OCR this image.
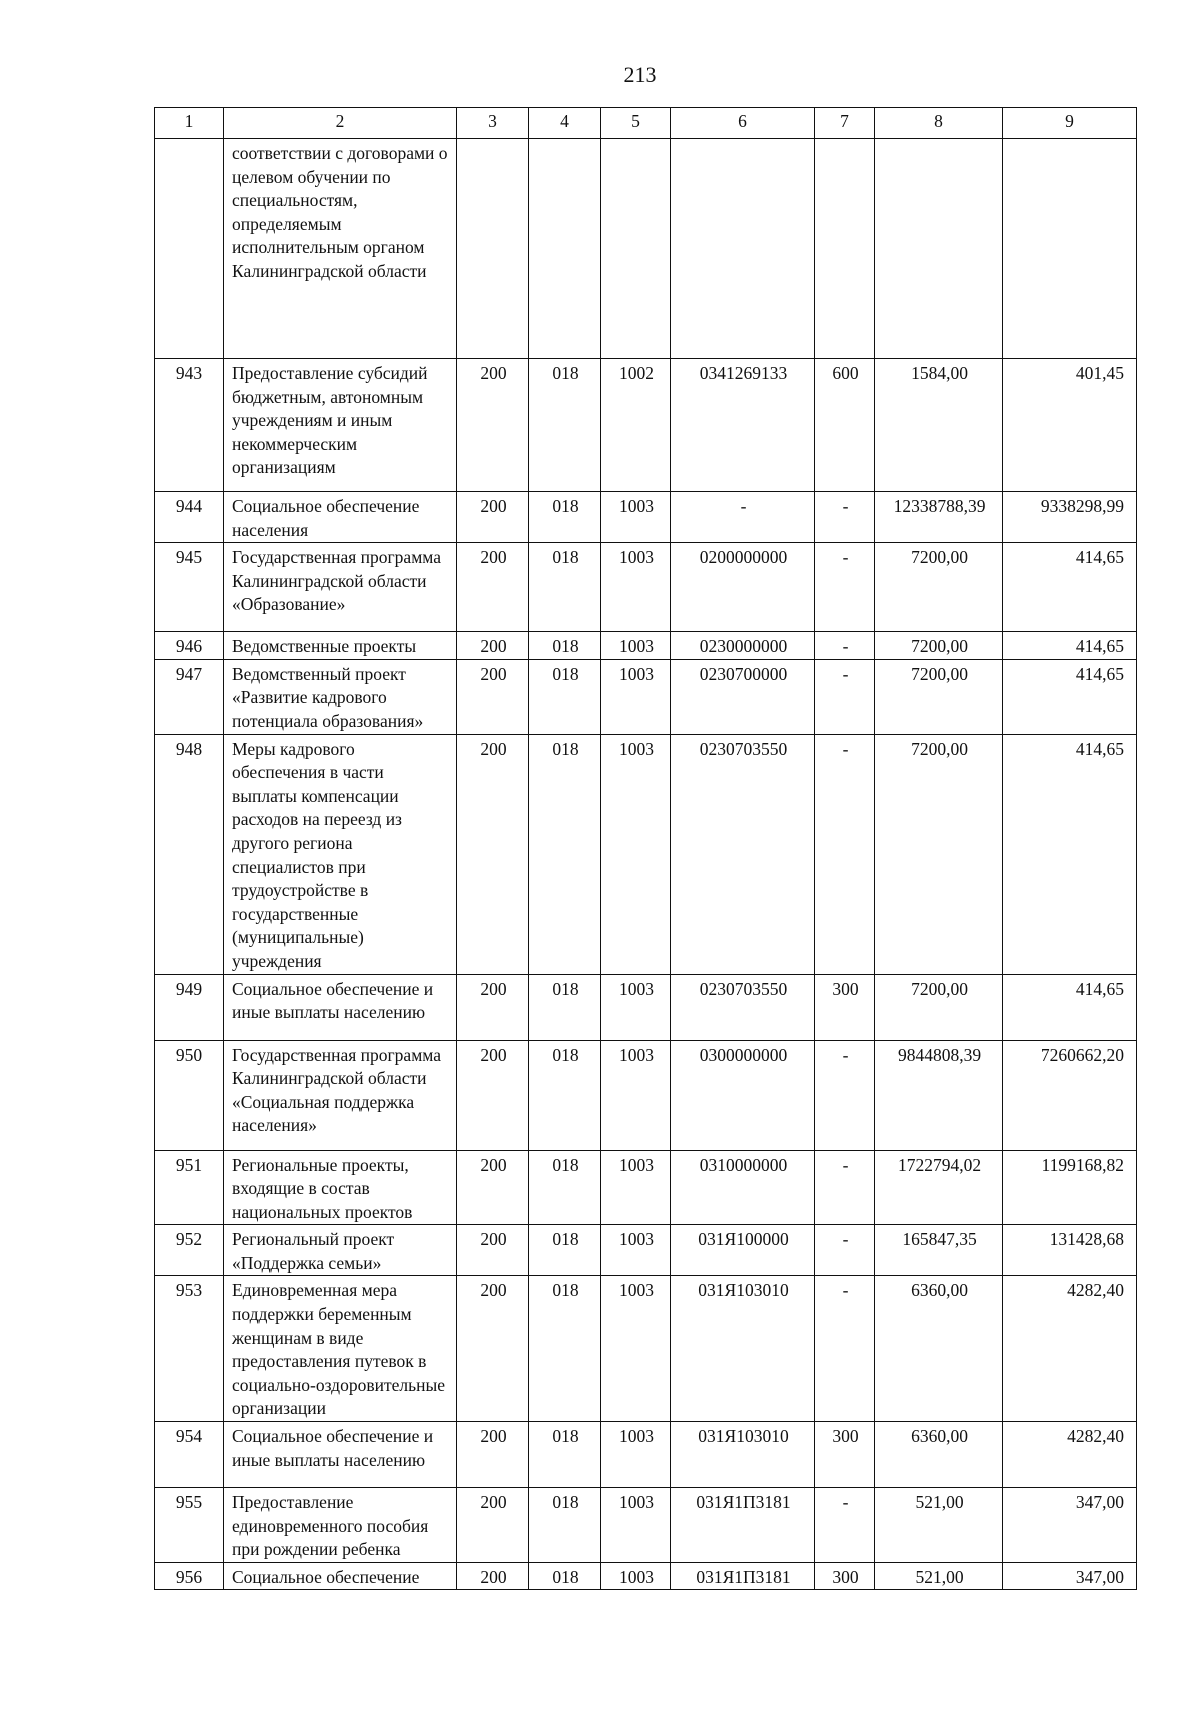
213
1	2	3	4	5	6	7	8	9
	соответствии с договорами о целевом обучении по специальностям, определяемым исполнительным органом Калининградской области							
943	Предоставление субсидий бюджетным, автономным учреждениям и иным некоммерческим организациям	200	018	1002	0341269133	600	1584,00	401,45
944	Социальное обеспечение населения	200	018	1003	-	-	12338788,39	9338298,99
945	Государственная программа Калининградской области «Образование»	200	018	1003	0200000000	-	7200,00	414,65
946	Ведомственные проекты	200	018	1003	0230000000	-	7200,00	414,65
947	Ведомственный проект «Развитие кадрового потенциала образования»	200	018	1003	0230700000	-	7200,00	414,65
948	Меры кадрового обеспечения в части выплаты компенсации расходов на переезд из другого региона специалистов при трудоустройстве в государственные (муниципальные) учреждения	200	018	1003	0230703550	-	7200,00	414,65
949	Социальное обеспечение и иные выплаты населению	200	018	1003	0230703550	300	7200,00	414,65
950	Государственная программа Калининградской области «Социальная поддержка населения»	200	018	1003	0300000000	-	9844808,39	7260662,20
951	Региональные проекты, входящие в состав национальных проектов	200	018	1003	0310000000	-	1722794,02	1199168,82
952	Региональный проект «Поддержка семьи»	200	018	1003	031Я100000	-	165847,35	131428,68
953	Единовременная мера поддержки беременным женщинам в виде предоставления путевок в социально-оздоровительные организации	200	018	1003	031Я103010	-	6360,00	4282,40
954	Социальное обеспечение и иные выплаты населению	200	018	1003	031Я103010	300	6360,00	4282,40
955	Предоставление единовременного пособия при рождении ребенка	200	018	1003	031Я1П3181	-	521,00	347,00
956	Социальное обеспечение	200	018	1003	031Я1П3181	300	521,00	347,00
